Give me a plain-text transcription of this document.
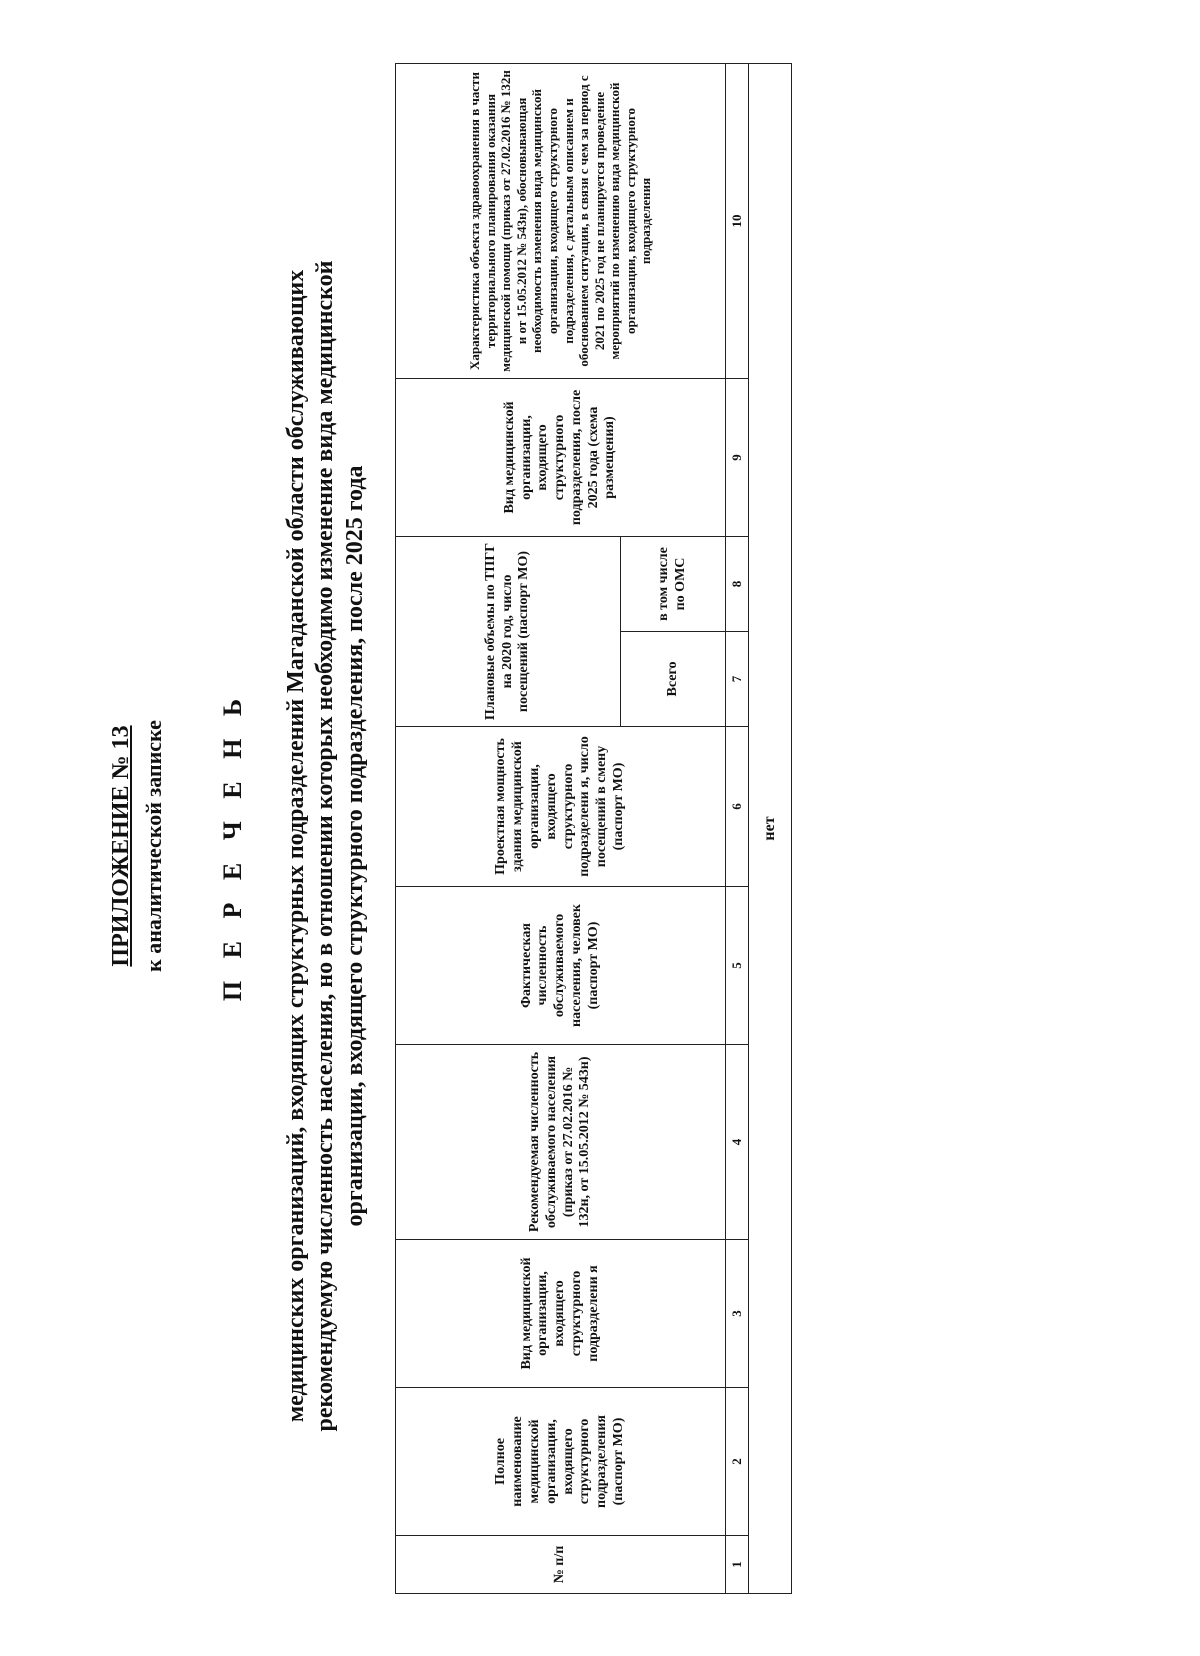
ПРИЛОЖЕНИЕ № 13 к аналитической записке П Е Р Е Ч Е Н Ь медицинских организаций, входящих структурных подразделений Магаданской области обслуживающих рекомендуемую численность населения, но в отношении которых необходимо изменение вида медицинской организации, входящего структурного подразделения, после 2025 года
№ п/п	Полное наименование медицинской организации, входящего структурного подразделения (паспорт МО)	Вид медицинской организации, входящего структурного подразделени я	Рекомендуемая численность обслуживаемого населения (приказ от 27.02.2016 № 132н, от 15.05.2012 № 543н)	Фактическая численность обслуживаемого населения, человек (паспорт МО)	Проектная мощность здания медицинской организации, входящего структурного подразделени я, число посещений в смену (паспорт МО)	Плановые объемы по ТПГГ на 2020 год, число посещений (паспорт МО)		Вид медицинской организации, входящего структурного подразделения, после 2025 года (схема размещения)	Характеристика объекта здравоохранения в части территориального планирования оказания медицинской помощи (приказ от 27.02.2016 № 132н и от 15.05.2012 № 543н), обосновывающая необходимость изменения вида медицинской организации, входящего структурного подразделения, с детальным описанием и обоснованием ситуации, в связи с чем за период с 2021 по 2025 год не планируется проведение мероприятий по изменению вида медицинской организации, входящего структурного подразделения
						Всего	в том числе по ОМС		
1	2	3	4	5	6	7	8	9	10
нет									
